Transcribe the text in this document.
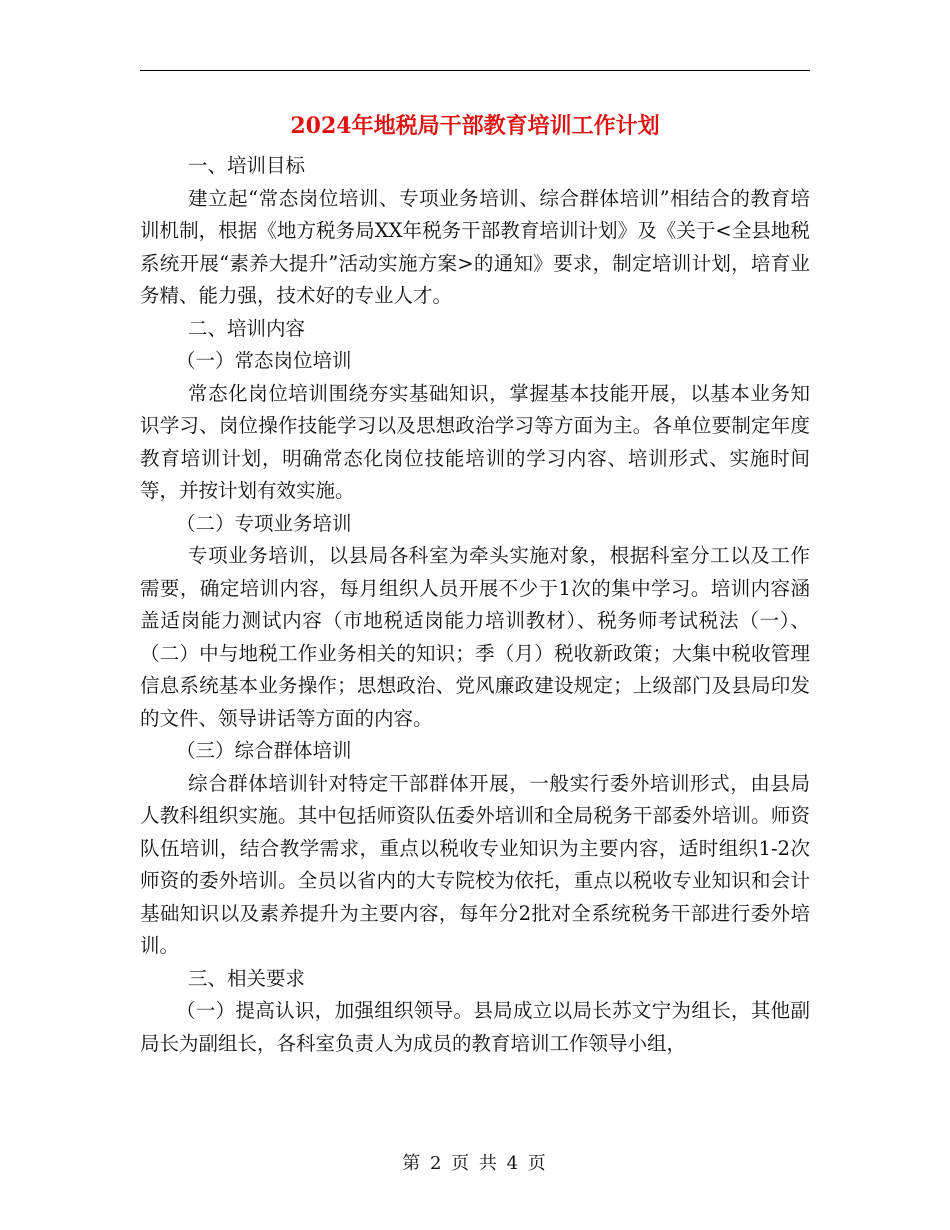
2024年地税局干部教育培训工作计划

一、培训目标

建立起“常态岗位培训、专项业务培训、综合群体培训”相结合的教育培训机制，根据《地方税务局XX年税务干部教育培训计划》及《关于<全县地税系统开展“素养大提升”活动实施方案>的通知》要求，制定培训计划，培育业务精、能力强，技术好的专业人才。

二、培训内容

（一）常态岗位培训

常态化岗位培训围绕夯实基础知识，掌握基本技能开展，以基本业务知识学习、岗位操作技能学习以及思想政治学习等方面为主。各单位要制定年度教育培训计划，明确常态化岗位技能培训的学习内容、培训形式、实施时间等，并按计划有效实施。

（二）专项业务培训

专项业务培训，以县局各科室为牵头实施对象，根据科室分工以及工作需要，确定培训内容，每月组织人员开展不少于1次的集中学习。培训内容涵盖适岗能力测试内容（市地税适岗能力培训教材）、税务师考试税法（一）、（二）中与地税工作业务相关的知识；季（月）税收新政策；大集中税收管理信息系统基本业务操作；思想政治、党风廉政建设规定；上级部门及县局印发的文件、领导讲话等方面的内容。

（三）综合群体培训

综合群体培训针对特定干部群体开展，一般实行委外培训形式，由县局人教科组织实施。其中包括师资队伍委外培训和全局税务干部委外培训。师资队伍培训，结合教学需求，重点以税收专业知识为主要内容，适时组织1-2次师资的委外培训。全员以省内的大专院校为依托，重点以税收专业知识和会计基础知识以及素养提升为主要内容，每年分2批对全系统税务干部进行委外培训。

三、相关要求

（一）提高认识，加强组织领导。县局成立以局长苏文宁为组长，其他副局长为副组长，各科室负责人为成员的教育培训工作领导小组，

第 2 页 共 4 页
